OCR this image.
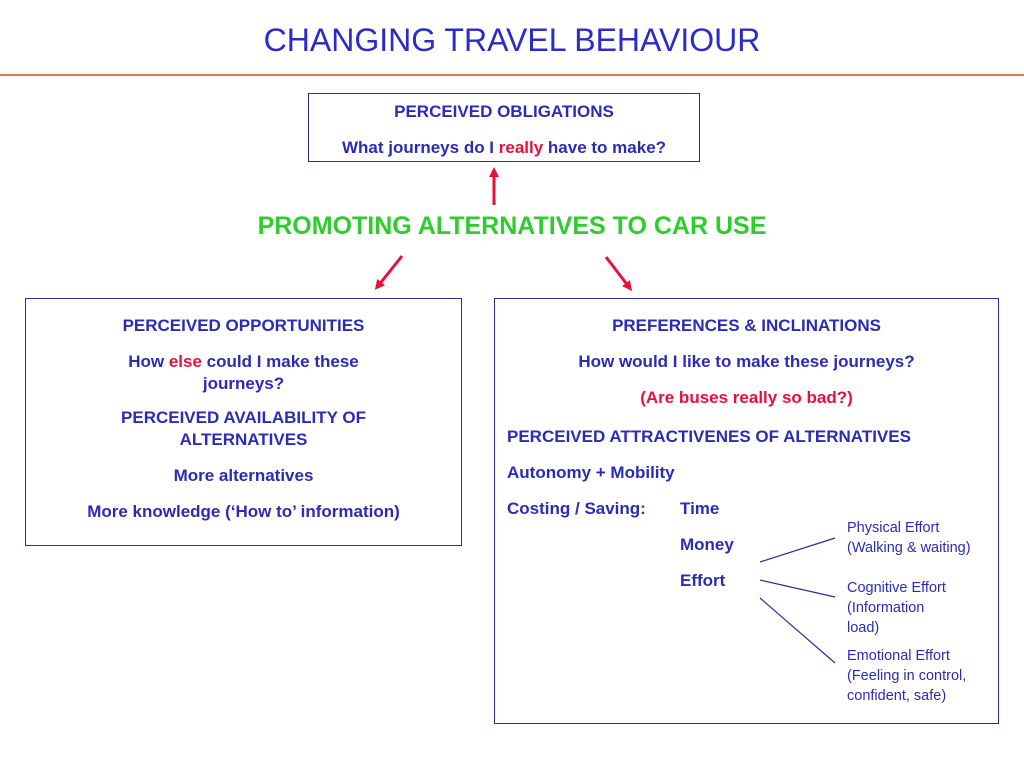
CHANGING TRAVEL BEHAVIOUR

PERCEIVED OBLIGATIONS

What journeys do I really have to make?

PROMOTING ALTERNATIVES TO CAR USE

PERCEIVED OPPORTUNITIES

How else could I make these journeys?

PERCEIVED AVAILABILITY OF ALTERNATIVES

More alternatives

More knowledge (‘How to’ information)

PREFERENCES & INCLINATIONS

How would I like to make these journeys?

(Are buses really so bad?)

PERCEIVED ATTRACTIVENES OF ALTERNATIVES

Autonomy + Mobility

Costing / Saving: Time

Money

Effort

Physical Effort
(Walking & waiting)
Cognitive Effort
(Information
load)
Emotional Effort
(Feeling in control,
confident, safe)
